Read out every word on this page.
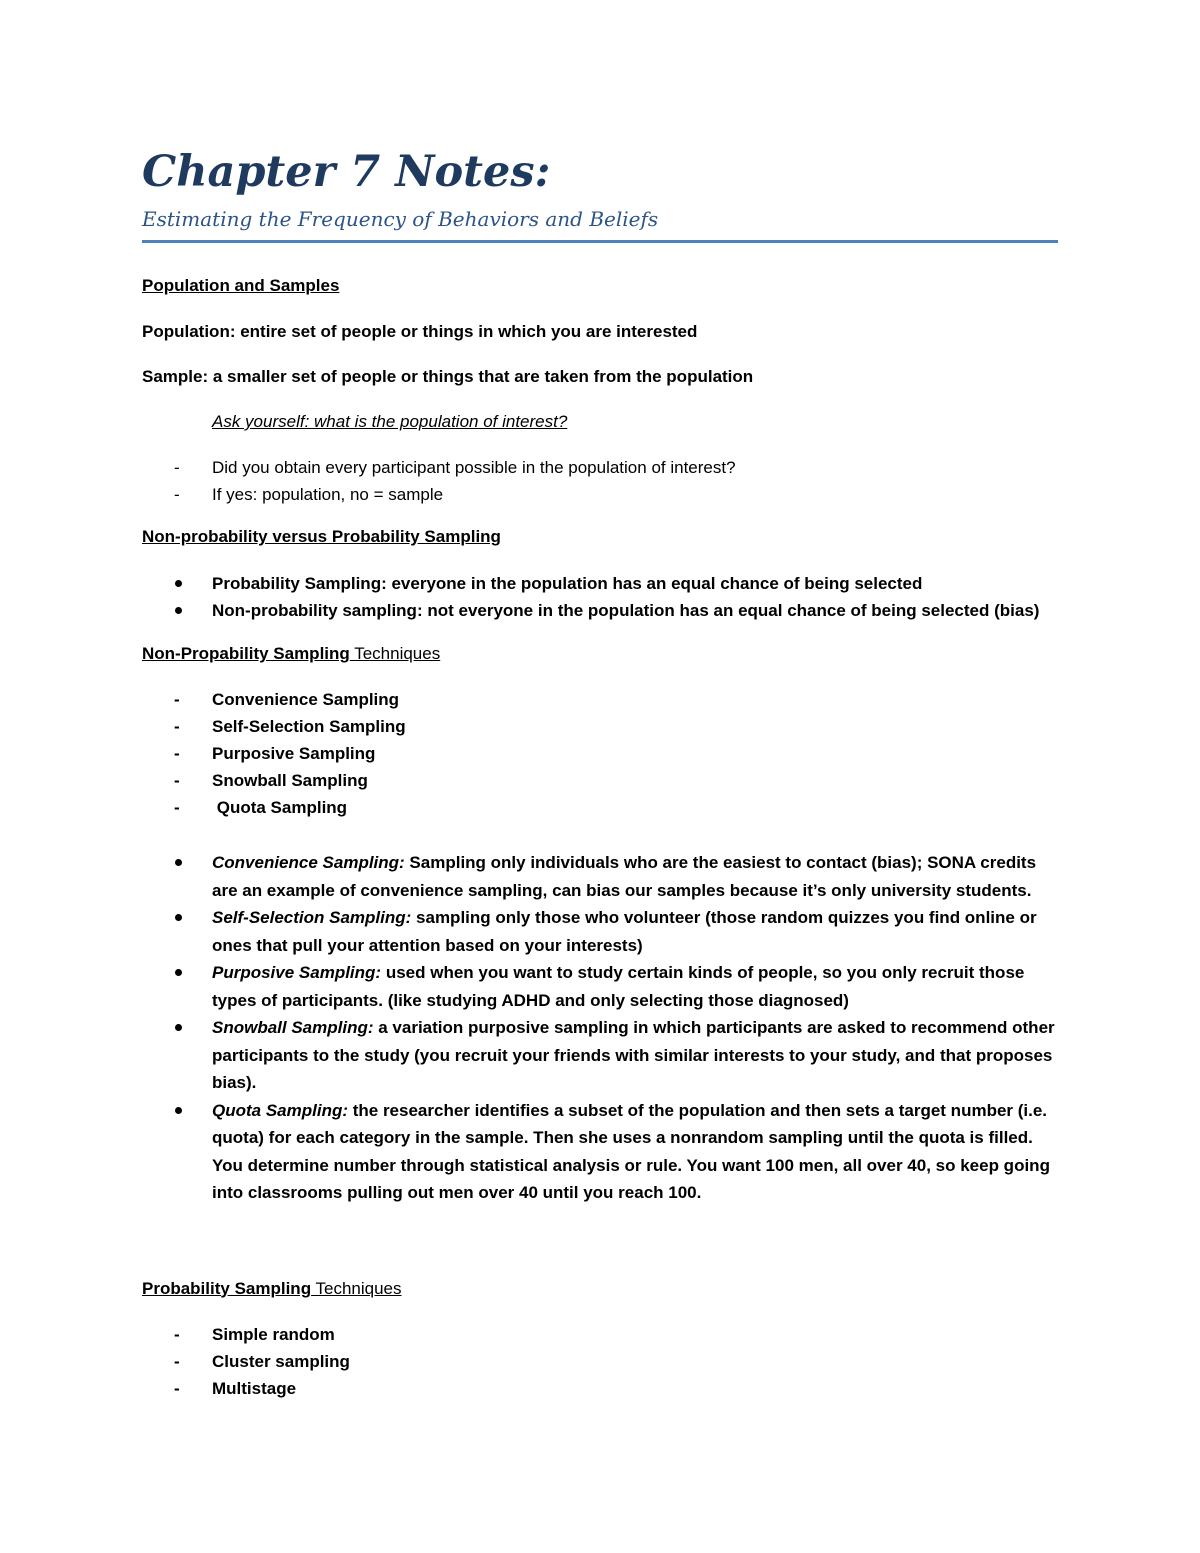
Chapter 7 Notes:

Estimating the Frequency of Behaviors and Beliefs

Population and Samples

Population: entire set of people or things in which you are interested

Sample: a smaller set of people or things that are taken from the population

Ask yourself: what is the population of interest?

- Did you obtain every participant possible in the population of interest?
- If yes: population, no = sample

Non-probability versus Probability Sampling

Probability Sampling: everyone in the population has an equal chance of being selected
Non-probability sampling: not everyone in the population has an equal chance of being selected (bias)

Non-Propability Sampling Techniques

- Convenience Sampling
- Self-Selection Sampling
- Purposive Sampling
- Snowball Sampling
- Quota Sampling
Convenience Sampling: Sampling only individuals who are the easiest to contact (bias); SONA credits are an example of convenience sampling, can bias our samples because it’s only university students.
Self-Selection Sampling: sampling only those who volunteer (those random quizzes you find online or ones that pull your attention based on your interests)
Purposive Sampling: used when you want to study certain kinds of people, so you only recruit those types of participants. (like studying ADHD and only selecting those diagnosed)
Snowball Sampling: a variation purposive sampling in which participants are asked to recommend other participants to the study (you recruit your friends with similar interests to your study, and that proposes bias).
Quota Sampling: the researcher identifies a subset of the population and then sets a target number (i.e. quota) for each category in the sample. Then she uses a nonrandom sampling until the quota is filled. You determine number through statistical analysis or rule. You want 100 men, all over 40, so keep going into classrooms pulling out men over 40 until you reach 100.

Probability Sampling Techniques

- Simple random
- Cluster sampling
- Multistage
